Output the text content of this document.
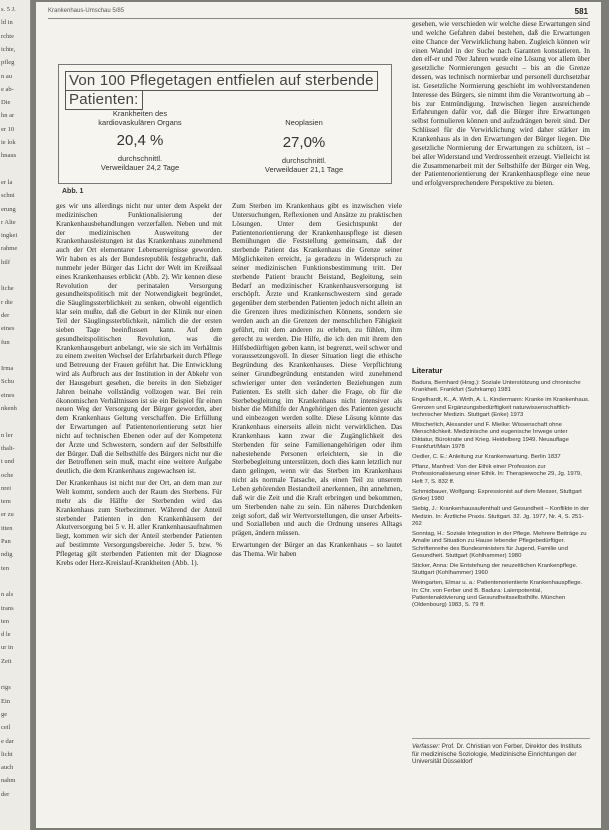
s. 5 J.
ld in
rchte
ichte,
pfleg
n au
e ab-
Die
hn ar
er 10
ie lok
hnaus
er la
schni
erung
r Alte
ingkei
rahme
hilf
liche
r die
der
eines
fun
Irma
Schu
eines
nkenh
n ler
thalt-
t und
oche
nrei
tem
er zu
itten
Pan
ndig
ten
n als
trans
ten
d le
ur in
Zeit
rigs
Ein
ge
ceil
e dar
licht
auch
nahm
der
Krankenhaus-Umschau 5/85	581
Von 100 Pflegetagen entfielen auf sterbende
Patienten:
Krankheiten des
kardiovaskulären Organs
20,4 %
durchschnittl.
Verweildauer 24,2 Tage
Neoplasien
27,0%
durchschnittl.
Verweildauer 21,1 Tage
Abb. 1

ges wir uns allerdings nicht nur unter dem Aspekt der medizinischen Funktionalisierung der Krankenhausbehandlungen verzerfallen. Neben und mit der medizinischen Ausweitung der Krankenhausleistungen ist das Krankenhaus zunehmend auch der Ort elementarer Lebensereignisse geworden. Wir haben es als der Bundesrepublik festgebracht, daß nunmehr jeder Bürger das Licht der Welt im Kreißsaal eines Krankenhauses erblickt (Abb. 2). Wir kennen diese Revolution der perinatalen Versorgung gesundheitspolitisch mit der Notwendigkeit begründet, die Säuglingssterblichkeit zu senken, obwohl eigentlich klar sein mußte, daß die Geburt in der Klinik nur einen Teil der Säuglingssterblichkeit, nämlich die der ersten sieben Tage beeinflussen kann. Auf dem gesundheitspolitischen Revolution, was die Krankenhausgeburt anbelangt, wie sie sich im Verhältnis zu einem zweiten Wechsel der Erfahrbarkeit durch Pflege und Betreuung der Frauen geführt hat. Die Entwicklung wird als Aufbruch aus der Institution in der Abkehr von der Hausgeburt gesehen, die bereits in den Siebziger Jahren beinahe vollständig vollzogen war. Bei rein ökonomischen Verhältnissen ist sie ein Beispiel für einen neuen Weg der Versorgung der Bürger geworden, aber dem Krankenhaus Geltung verschaffen. Die Erfüllung der Erwartungen auf Patientenorientierung setzt hier nicht auf technischen Ebenen oder auf der Kompetenz der Ärzte und Schwestern, sondern auf der Selbsthilfe der Bürger. Daß die Selbsthilfe des Bürgers nicht nur die der Betroffenen sein muß, macht eine weitere Aufgabe deutlich, die dem Krankenhaus zugewachsen ist.

Der Krankenhaus ist nicht nur der Ort, an dem man zur Welt kommt, sondern auch der Raum des Sterbens. Für mehr als die Hälfte der Sterbenden wird das Krankenhaus zum Sterbezimmer. Während der Anteil sterbender Patienten in den Krankenhäusern der Akutversorgung bei 5 v. H. aller Krankenhausaufnahmen liegt, kommen wir sich der Anteil sterbender Patienten auf bestimmte Versorgungsbereiche. Jeder 5. bzw. % Pflegetag gilt sterbenden Patienten mit der Diagnose Krebs oder Herz-Kreislauf-Krankheiten (Abb. 1).

Zum Sterben im Krankenhaus gibt es inzwischen viele Untersuchungen, Reflexionen und Ansätze zu praktischen Lösungen. Unter dem Gesichtspunkt der Patientenorientierung der Krankenhauspflege ist diesen Bemühungen die Feststellung gemeinsam, daß der sterbende Patient das Krankenhaus die Grenze seiner Möglichkeiten erreicht, ja geradezu in Widerspruch zu seiner medizinischen Funktionsbestimmung tritt. Der sterbende Patient braucht Beistand, Begleitung, sein Bedarf an medizinischer Krankenhausversorgung ist erschöpft. Ärzte und Krankenschwestern sind gerade gegenüber dem sterbenden Patienten jedoch nicht allein an die Grenzen ihres medizinischen Könnens, sondern sie werden auch an die Grenzen der menschlichen Fähigkeit geführt, mit dem anderen zu erleben, zu fühlen, ihm gerecht zu werden. Die Hilfe, die ich den mit ihrem den Hilfsbedürftigen geben kann, ist begrenzt, weil schwer und voraussetzungsvoll. In dieser Situation liegt die ethische Begründung des Krankenhauses. Diese Verpflichtung seiner Grundbegründung entstanden wird zunehmend schwieriger unter den veränderten Beziehungen zum Patienten. Es stellt sich daher die Frage, ob für die Sterbebegleitung im Krankenhaus nicht intensiver als bisher die Mithilfe der Angehörigen des Patienten gesucht und einbezogen werden sollte. Diese Lösung könnte das Krankenhaus einerseits allein nicht verwirklichen. Das Krankenhaus kann zwar die Zugänglichkeit des Sterbenden für seine Familienangehörigen oder ihm nahestehende Personen erleichtern, sie in die Sterbebegleitung unterstützen, doch dies kann letztlich nur dann gelingen, wenn wir das Sterben im Krankenhaus nicht als normale Tatsache, als einen Teil zu unserem Leben gehörenden Bestandteil anerkennen, ihn annehmen, daß wir die Zeit und die Kraft erbringen und bekommen, um Sterbenden nahe zu sein. Ein näheres Durchdenken zeigt sofort, daß wir Wertvorstellungen, die unser Arbeits- und Sozialleben und auch die Ordnung unseres Alltags prägen, ändern müssen.

Erwartungen der Bürger an das Krankenhaus – so lautet das Thema. Wir haben

gesehen, wie verschieden wir welche diese Erwartungen sind und welche Gefahren dabei bestehen, daß die Erwartungen eine Chance der Verwirklichung haben. Zugleich können wir einen Wandel in der Suche nach Garanten konstatieren. In den elf-er und 70er Jahren wurde eine Lösung vor allem über gesetzliche Normierungen gesucht – bis an die Grenze dessen, was technisch normierbar und personell durchsetzbar ist. Gesetzliche Normierung geschieht im wohlverstandenen Interesse des Bürgers, sie nimmt ihm die Verantwortung ab – bis zur Entmündigung. Inzwischen liegen ausreichende Erfahrungen dafür vor, daß die Bürger ihre Erwartungen selbst formulieren können und aufzudrängen bereit sind. Der Schlüssel für die Verwirklichung wird daher stärker im Krankenhaus als in den Erwartungen der Bürger liegen. Die gesetzliche Normierung der Erwartungen zu schützen, ist – bei aller Widerstand und Verdrossenheit erzeugt. Vielleicht ist die Zusammenarbeit mit der Selbsthilfe der Bürger ein Weg, der Patientenorientierung der Krankenhauspflege eine neue und erfolgversprechendere Perspektive zu bieten.

Literatur
Badura, Bernhard (Hrsg.): Soziale Unterstützung und chronische Krankheit. Frankfurt (Suhrkamp) 1981
Engelhardt, K., A. Wirth, A. L. Kindermann: Kranke im Krankenhaus. Grenzen und Ergänzungsbedürftigkeit naturwissenschaftlich-technischer Medizin. Stuttgart (Enke) 1973
Mitscherlich, Alexander und F. Mielke: Wissenschaft ohne Menschlichkeit. Medizinische und eugenische Irrwege unter Diktatur, Bürokratie und Krieg. Heidelberg 1949. Neuauflage Frankfurt/Main 1978
Oedler, C. E.: Anleitung zur Krankenwartung. Berlin 1837
Pflanz, Manfred: Von der Ethik einer Profession zur Professionalisierung einer Ethik. In: Therapiewoche 29, Jg. 1979, Heft 7, S. 832 ff.
Schmidbauer, Wolfgang: Expressionist auf dem Messer, Stuttgart (Enke) 1980
Siebig, J.: Krankenhausaufenthalt und Gesundheit – Konflikte in der Medizin. In: Ärztliche Praxis. Stuttgart. 32. Jg. 1977, Nr. 4, S. 251-262
Sonntag, H.: Soziale Integration in der Pflege. Mehrere Beiträge zu Amalie und Situation zu Hause lebender Pflegebedürftiger. Schriftenreihe des Bundesministers für Jugend, Familie und Gesundheit. Stuttgart (Kohlhammer) 1980
Sticker, Anna: Die Entstehung der neuzeitlichen Krankenpflege. Stuttgart (Kohlhammer) 1960
Weingarten, Elmar u. a.: Patientenorientierte Krankenhauspflege. In: Chr. von Ferber und B. Badura: Laienpotential, Patientenaktivierung und Gesundheitsselbsthilfe. München (Oldenbourg) 1983, S. 79 ff.
Verfasser: Prof. Dr. Christian von Ferber, Direktor des Instituts für medizinische Soziologie, Medizinische Einrichtungen der Universität Düsseldorf
